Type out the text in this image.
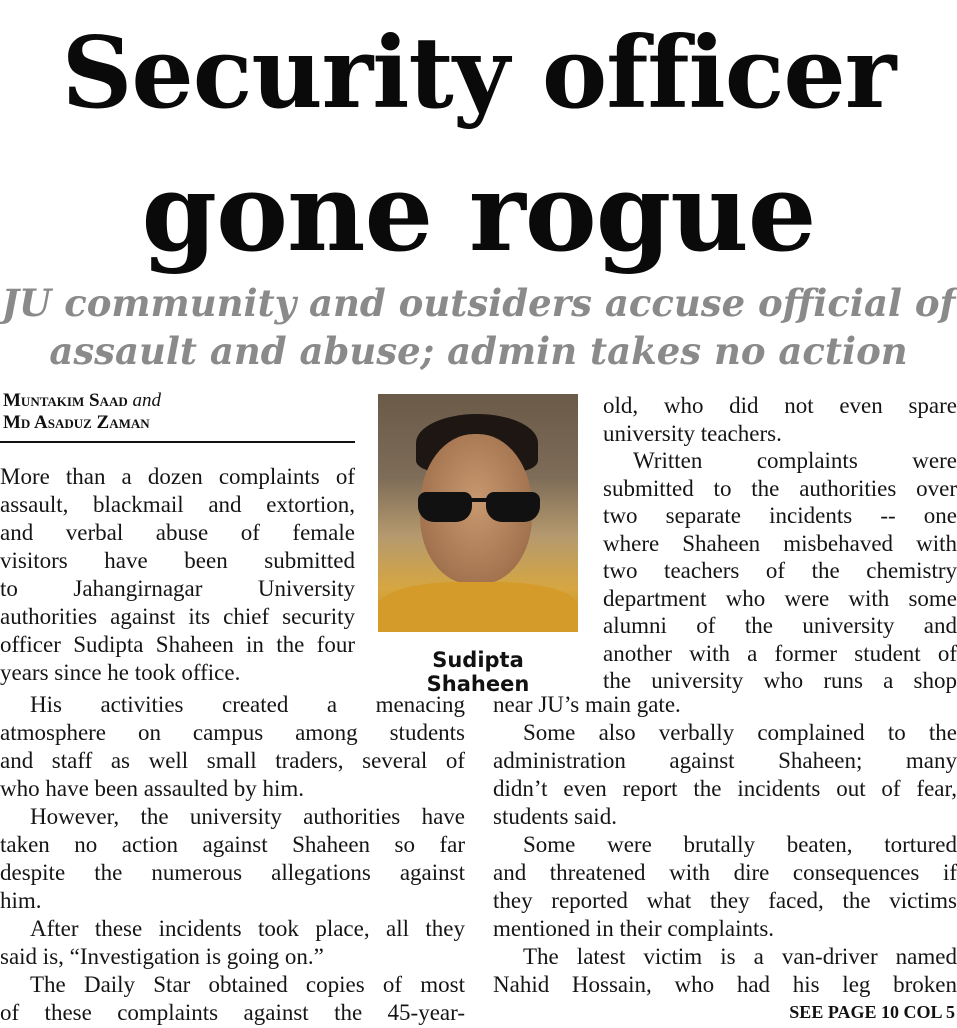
Security officer
gone rogue
JU community and outsiders accuse official of
assault and abuse; admin takes no action
Muntakim Saad and
Md Asaduz Zaman
Sudipta Shaheen
More than a dozen complaints of
assault, blackmail and extortion,
and verbal abuse of female
visitors have been submitted
to Jahangirnagar University
authorities against its chief security
officer Sudipta Shaheen in the four
years since he took office.
His activities created a menacing
atmosphere on campus among students
and staff as well small traders, several of
who have been assaulted by him.
However, the university authorities have
taken no action against Shaheen so far
despite the numerous allegations against
him.
After these incidents took place, all they
said is, “Investigation is going on.”
The Daily Star obtained copies of most
of these complaints against the 45-year-
old, who did not even spare
university teachers.
Written complaints were
submitted to the authorities over
two separate incidents -- one
where Shaheen misbehaved with
two teachers of the chemistry
department who were with some
alumni of the university and
another with a former student of
the university who runs a shop
near JU’s main gate.
Some also verbally complained to the
administration against Shaheen; many
didn’t even report the incidents out of fear,
students said.
Some were brutally beaten, tortured
and threatened with dire consequences if
they reported what they faced, the victims
mentioned in their complaints.
The latest victim is a van-driver named
Nahid Hossain, who had his leg broken
SEE PAGE 10 COL 5
